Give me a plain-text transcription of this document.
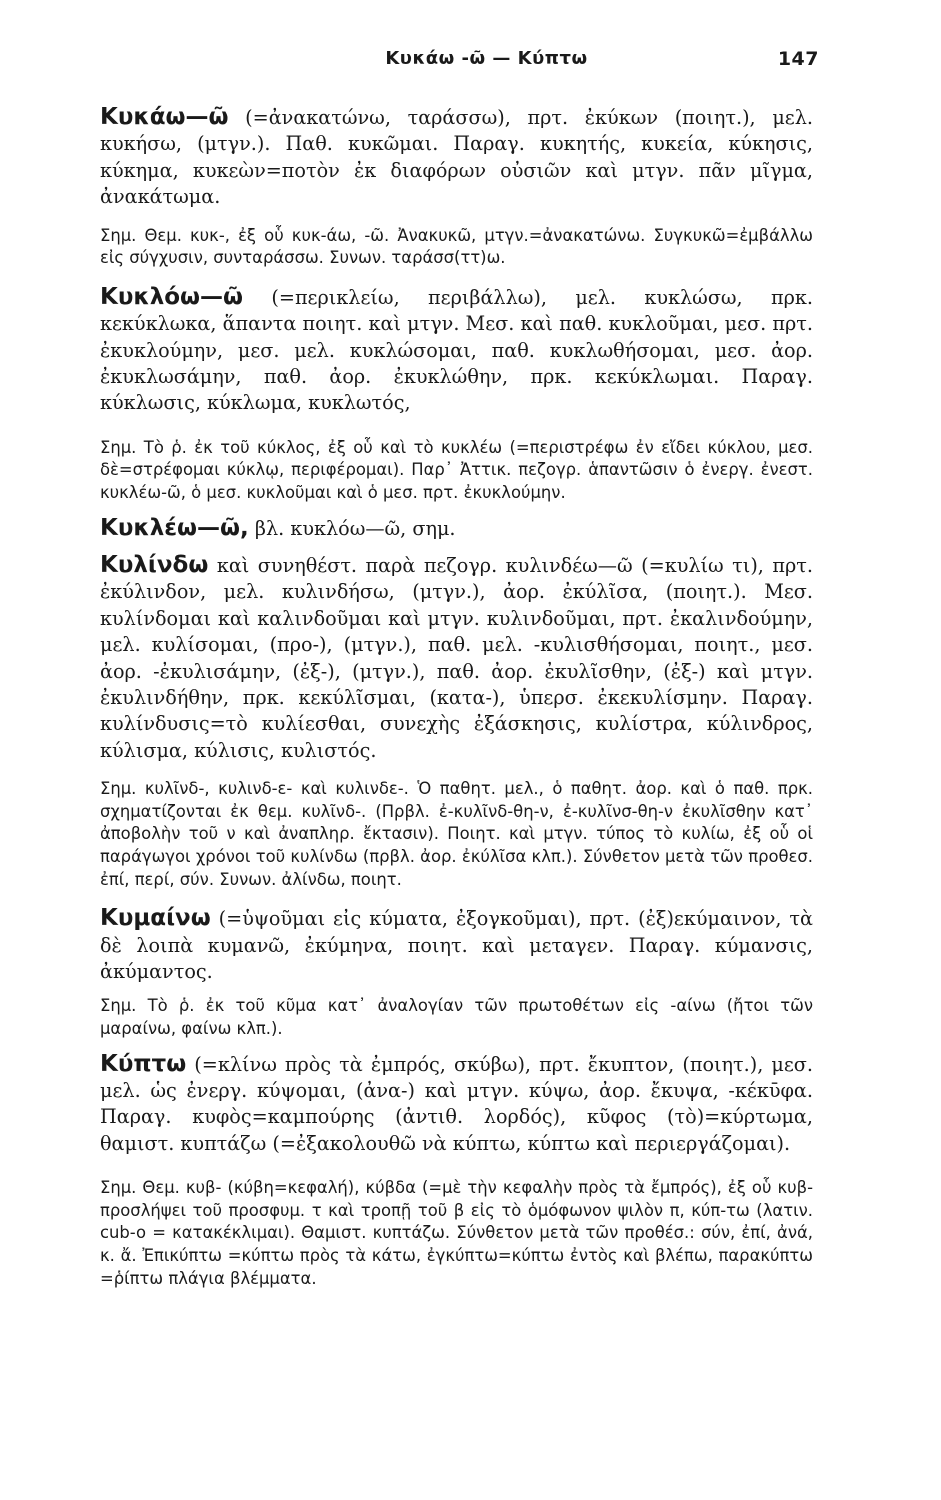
Κυκάω -ῶ — Κύπτω	147

Κυκάω—ῶ (=ἀνακατώνω, ταράσσω), πρτ. ἐκύκων (ποιητ.), μελ. κυκήσω, (μτγν.). Παθ. κυκῶμαι. Παραγ. κυκητής, κυκεία, κύκησις, κύκημα, κυκεὼν=ποτὸν ἐκ διαφόρων οὐσιῶν καὶ μτγν. πᾶν μῖγμα, ἀνακάτωμα.

Σημ. Θεμ. κυκ-, ἐξ οὗ κυκ-άω, -ῶ. Ἀνακυκῶ, μτγν.=ἀνακατώνω. Συγκυκῶ=ἐμβάλλω εἰς σύγχυσιν, συνταράσσω. Συνων. ταράσσ(ττ)ω.

Κυκλόω—ῶ (=περικλείω, περιβάλλω), μελ. κυκλώσω, πρκ. κεκύκλωκα, ἅπαντα ποιητ. καὶ μτγν. Μεσ. καὶ παθ. κυκλοῦμαι, μεσ. πρτ. ἐκυκλούμην, μεσ. μελ. κυκλώσομαι, παθ. κυκλωθήσομαι, μεσ. ἀορ. ἐκυκλωσάμην, παθ. ἀορ. ἐκυκλώθην, πρκ. κεκύκλωμαι. Παραγ. κύκλωσις, κύκλωμα, κυκλωτός,

Σημ. Τὸ ῥ. ἐκ τοῦ κύκλος, ἐξ οὗ καὶ τὸ κυκλέω (=περιστρέφω ἐν εἴδει κύκλου, μεσ. δὲ=στρέφομαι κύκλῳ, περιφέρομαι). Παρ᾽ Ἀττικ. πεζογρ. ἁπαντῶσιν ὁ ἐνεργ. ἐνεστ. κυκλέω-ῶ, ὁ μεσ. κυκλοῦμαι καὶ ὁ μεσ. πρτ. ἐκυκλούμην.

Κυκλέω—ῶ, βλ. κυκλόω—ῶ, σημ.

Κυλίνδω καὶ συνηθέστ. παρὰ πεζογρ. κυλινδέω—ῶ (=κυλίω τι), πρτ. ἐκύλινδον, μελ. κυλινδήσω, (μτγν.), ἀορ. ἐκύλῖσα, (ποιητ.). Μεσ. κυλίνδομαι καὶ καλινδοῦμαι καὶ μτγν. κυλινδοῦμαι, πρτ. ἐκαλινδούμην, μελ. κυλίσομαι, (προ-), (μτγν.), παθ. μελ. -κυλισθήσομαι, ποιητ., μεσ. ἀορ. -ἐκυλισάμην, (ἐξ-), (μτγν.), παθ. ἀορ. ἐκυλῖσθην, (ἐξ-) καὶ μτγν. ἐκυλινδήθην, πρκ. κεκύλῖσμαι, (κατα-), ὑπερσ. ἐκεκυλίσμην. Παραγ. κυλίνδυσις=τὸ κυλίεσθαι, συνεχὴς ἐξάσκησις, κυλίστρα, κύλινδρος, κύλισμα, κύλισις, κυλιστός.

Σημ. κυλῖνδ-, κυλινδ-ε- καὶ κυλινδε-. Ὁ παθητ. μελ., ὁ παθητ. ἀορ. καὶ ὁ παθ. πρκ. σχηματίζονται ἐκ θεμ. κυλῖνδ-. (Πρβλ. ἐ-κυλῖνδ-θη-ν, ἐ-κυλῖνσ-θη-ν ἐκυλῖσθην κατ᾽ ἀποβολὴν τοῦ ν καὶ ἀναπληρ. ἔκτασιν). Ποιητ. καὶ μτγν. τύπος τὸ κυλίω, ἐξ οὗ οἱ παράγωγοι χρόνοι τοῦ κυλίνδω (πρβλ. ἀορ. ἐκύλῖσα κλπ.). Σύνθετον μετὰ τῶν προθεσ. ἐπί, περί, σύν. Συνων. ἀλίνδω, ποιητ.

Κυμαίνω (=ὑψοῦμαι εἰς κύματα, ἐξογκοῦμαι), πρτ. (ἐξ)εκύμαινον, τὰ δὲ λοιπὰ κυμανῶ, ἐκύμηνα, ποιητ. καὶ μεταγεν. Παραγ. κύμανσις, ἀκύμαντος.

Σημ. Τὸ ῥ. ἐκ τοῦ κῦμα κατ᾽ ἀναλογίαν τῶν πρωτοθέτων εἰς -αίνω (ἤτοι τῶν μαραίνω, φαίνω κλπ.).

Κύπτω (=κλίνω πρὸς τὰ ἐμπρός, σκύβω), πρτ. ἔκυπτον, (ποιητ.), μεσ. μελ. ὡς ἐνεργ. κύψομαι, (ἀνα-) καὶ μτγν. κύψω, ἀορ. ἔκυψα, -κέκῡφα. Παραγ. κυφὸς=καμπούρης (ἀντιθ. λορδός), κῦφος (τὸ)=κύρτωμα, θαμιστ. κυπτάζω (=ἐξακολουθῶ νὰ κύπτω, κύπτω καὶ περιεργάζομαι).

Σημ. Θεμ. κυβ- (κύβη=κεφαλή), κύβδα (=μὲ τὴν κεφαλὴν πρὸς τὰ ἔμπρός), ἐξ οὗ κυβ- προσλήψει τοῦ προσφυμ. τ καὶ τροπῇ τοῦ β εἰς τὸ ὁμόφωνον ψιλὸν π, κύπ-τω (λατιν. cub-o = κατακέκλιμαι). Θαμιστ. κυπτάζω. Σύνθετον μετὰ τῶν προθέσ.: σύν, ἐπί, ἀνά, κ. ἄ. Ἐπικύπτω =κύπτω πρὸς τὰ κάτω, ἐγκύπτω=κύπτω ἐντὸς καὶ βλέπω, παρακύπτω =ῥίπτω πλάγια βλέμματα.
